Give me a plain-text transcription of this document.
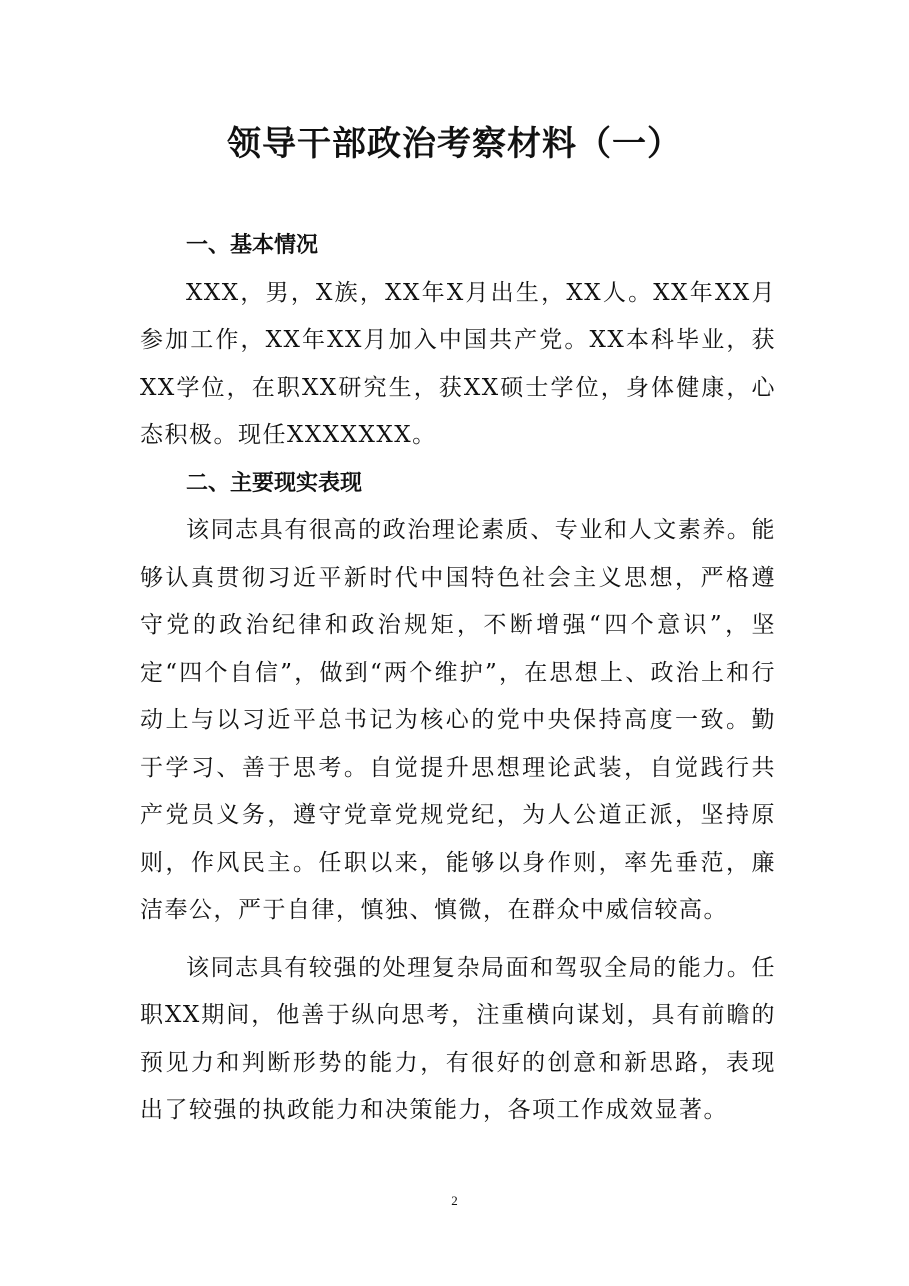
领导干部政治考察材料（一）

一、基本情况

XXX，男，X族，XX年X月出生，XX人。XX年XX月参加工作，XX年XX月加入中国共产党。XX本科毕业，获XX学位，在职XX研究生，获XX硕士学位，身体健康，心态积极。现任XXXXXXX。

二、主要现实表现

该同志具有很高的政治理论素质、专业和人文素养。能够认真贯彻习近平新时代中国特色社会主义思想，严格遵守党的政治纪律和政治规矩，不断增强“四个意识”，坚定“四个自信”，做到“两个维护”，在思想上、政治上和行动上与以习近平总书记为核心的党中央保持高度一致。勤于学习、善于思考。自觉提升思想理论武装，自觉践行共产党员义务，遵守党章党规党纪，为人公道正派，坚持原则，作风民主。任职以来，能够以身作则，率先垂范，廉洁奉公，严于自律，慎独、慎微，在群众中威信较高。

该同志具有较强的处理复杂局面和驾驭全局的能力。任职XX期间，他善于纵向思考，注重横向谋划，具有前瞻的预见力和判断形势的能力，有很好的创意和新思路，表现出了较强的执政能力和决策能力，各项工作成效显著。

2
